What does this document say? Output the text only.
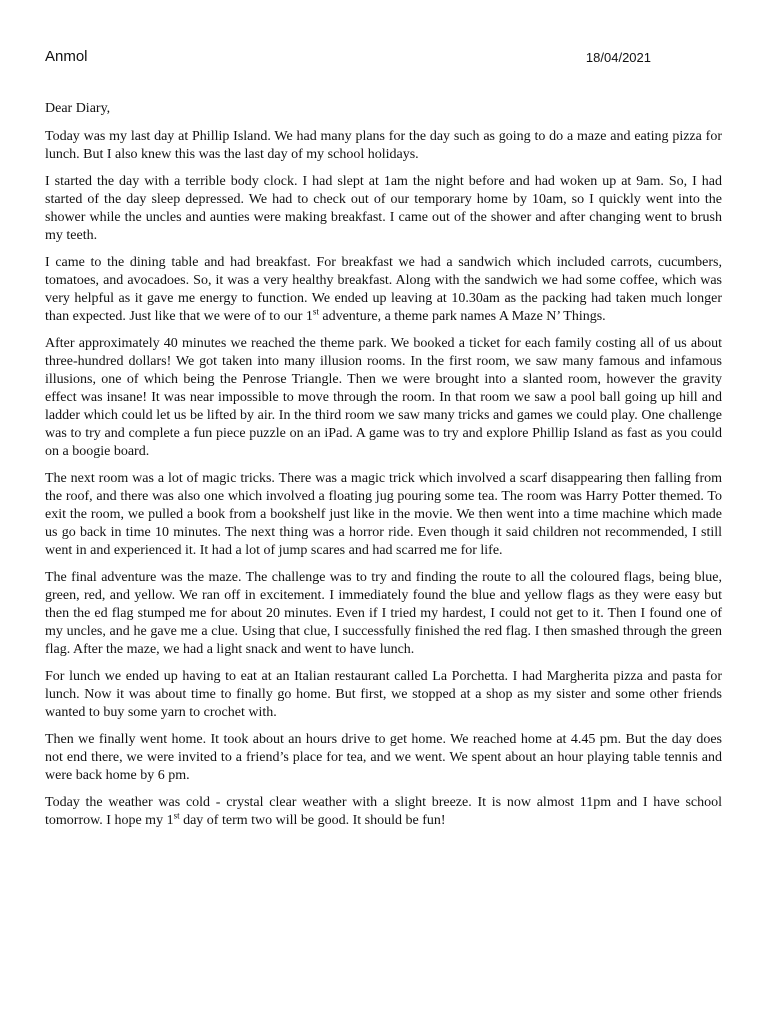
Anmol	18/04/2021

Dear Diary,

Today was my last day at Phillip Island. We had many plans for the day such as going to do a maze and eating pizza for lunch. But I also knew this was the last day of my school holidays.

I started the day with a terrible body clock. I had slept at 1am the night before and had woken up at 9am. So, I had started of the day sleep depressed. We had to check out of our temporary home by 10am, so I quickly went into the shower while the uncles and aunties were making breakfast. I came out of the shower and after changing went to brush my teeth.

I came to the dining table and had breakfast. For breakfast we had a sandwich which included carrots, cucumbers, tomatoes, and avocadoes. So, it was a very healthy breakfast. Along with the sandwich we had some coffee, which was very helpful as it gave me energy to function. We ended up leaving at 10.30am as the packing had taken much longer than expected. Just like that we were of to our 1st adventure, a theme park names A Maze N’ Things.

After approximately 40 minutes we reached the theme park. We booked a ticket for each family costing all of us about three-hundred dollars! We got taken into many illusion rooms. In the first room, we saw many famous and infamous illusions, one of which being the Penrose Triangle. Then we were brought into a slanted room, however the gravity effect was insane! It was near impossible to move through the room. In that room we saw a pool ball going up hill and ladder which could let us be lifted by air. In the third room we saw many tricks and games we could play. One challenge was to try and complete a fun piece puzzle on an iPad. A game was to try and explore Phillip Island as fast as you could on a boogie board.

The next room was a lot of magic tricks. There was a magic trick which involved a scarf disappearing then falling from the roof, and there was also one which involved a floating jug pouring some tea. The room was Harry Potter themed. To exit the room, we pulled a book from a bookshelf just like in the movie. We then went into a time machine which made us go back in time 10 minutes. The next thing was a horror ride. Even though it said children not recommended, I still went in and experienced it. It had a lot of jump scares and had scarred me for life.

The final adventure was the maze. The challenge was to try and finding the route to all the coloured flags, being blue, green, red, and yellow. We ran off in excitement. I immediately found the blue and yellow flags as they were easy but then the ed flag stumped me for about 20 minutes. Even if I tried my hardest, I could not get to it. Then I found one of my uncles, and he gave me a clue. Using that clue, I successfully finished the red flag. I then smashed through the green flag. After the maze, we had a light snack and went to have lunch.

For lunch we ended up having to eat at an Italian restaurant called La Porchetta. I had Margherita pizza and pasta for lunch. Now it was about time to finally go home. But first, we stopped at a shop as my sister and some other friends wanted to buy some yarn to crochet with.

Then we finally went home. It took about an hours drive to get home. We reached home at 4.45 pm. But the day does not end there, we were invited to a friend’s place for tea, and we went. We spent about an hour playing table tennis and were back home by 6 pm.

Today the weather was cold - crystal clear weather with a slight breeze. It is now almost 11pm and I have school tomorrow. I hope my 1st day of term two will be good. It should be fun!
